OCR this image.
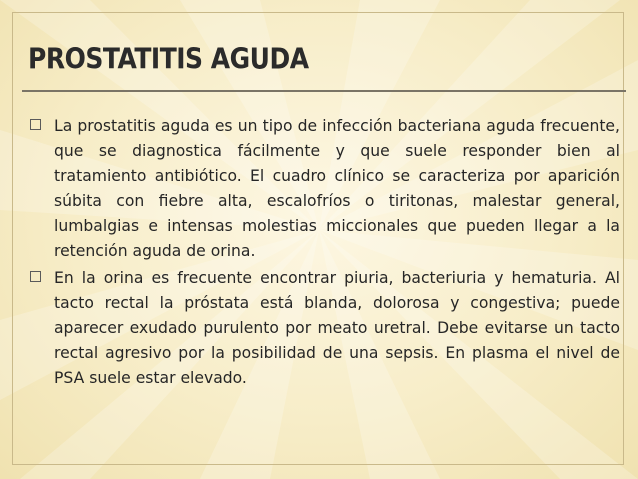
PROSTATITIS AGUDA
La prostatitis aguda es un tipo de infección bacteriana aguda frecuente, que se diagnostica fácilmente y que suele responder bien al tratamiento antibiótico. El cuadro clínico se caracteriza por aparición súbita con fiebre alta, escalofríos o tiritonas, malestar general, lumbalgias e intensas molestias miccionales que pueden llegar a la retención aguda de orina.
En la orina es frecuente encontrar piuria, bacteriuria y hematuria. Al tacto rectal la próstata está blanda, dolorosa y congestiva; puede aparecer exudado purulento por meato uretral. Debe evitarse un tacto rectal agresivo por la posibilidad de una sepsis. En plasma el nivel de PSA suele estar elevado.
